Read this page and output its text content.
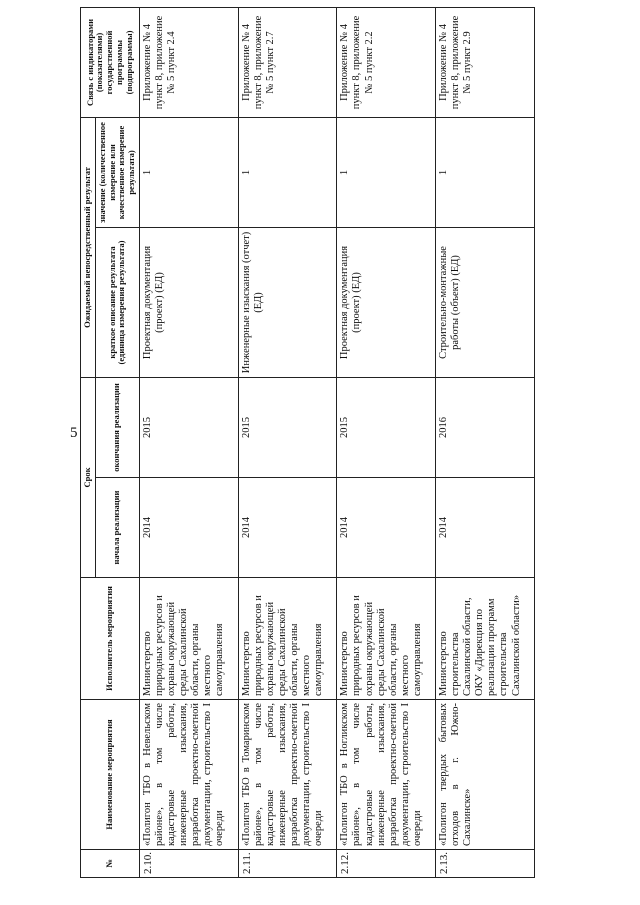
5
№	Наименование мероприятия	Исполнитель мероприятия	Срок		Ожидаемый непосредственный результат		Связь с индикаторами (показателями) государственной программы (подпрограммы)
			начала реализации	окончания реализации	краткое описание результата (единица измерения результата)	значение (количественное измерение или качественное измерение результата)	
2.10.	«Полигон ТБО в Невельском районе», в том числе кадастровые работы, инженерные изыскания, разработка проектно-сметной документации, строительство I очереди	Министерство природных ресурсов и охраны окружающей среды Сахалинской области, органы местного самоуправления	2014	2015	Проектная документация (проект) (ЕД)	1	Приложение № 4 пункт 8, приложение № 5 пункт 2.4
2.11.	«Полигон ТБО в Томаринском районе», в том числе кадастровые работы, инженерные изыскания, разработка проектно-сметной документации, строительство I очереди	Министерство природных ресурсов и охраны окружающей среды Сахалинской области, органы местного самоуправления	2014	2015	Инженерные изыскания (отчет) (ЕД)	1	Приложение № 4 пункт 8, приложение № 5 пункт 2.7
2.12.	«Полигон ТБО в Ногликском районе», в том числе кадастровые работы, инженерные изыскания, разработка проектно-сметной документации, строительство I очереди	Министерство природных ресурсов и охраны окружающей среды Сахалинской области, органы местного самоуправления	2014	2015	Проектная документация (проект) (ЕД)	1	Приложение № 4 пункт 8, приложение № 5 пункт 2.2
2.13.	«Полигон твердых бытовых отходов в г. Южно-Сахалинске»	Министерство строительства Сахалинской области, ОКУ «Дирекция по реализации программ строительства Сахалинской области»	2014	2016	Строительно-монтажные работы (объект) (ЕД)	1	Приложение № 4 пункт 8, приложение № 5 пункт 2.9
